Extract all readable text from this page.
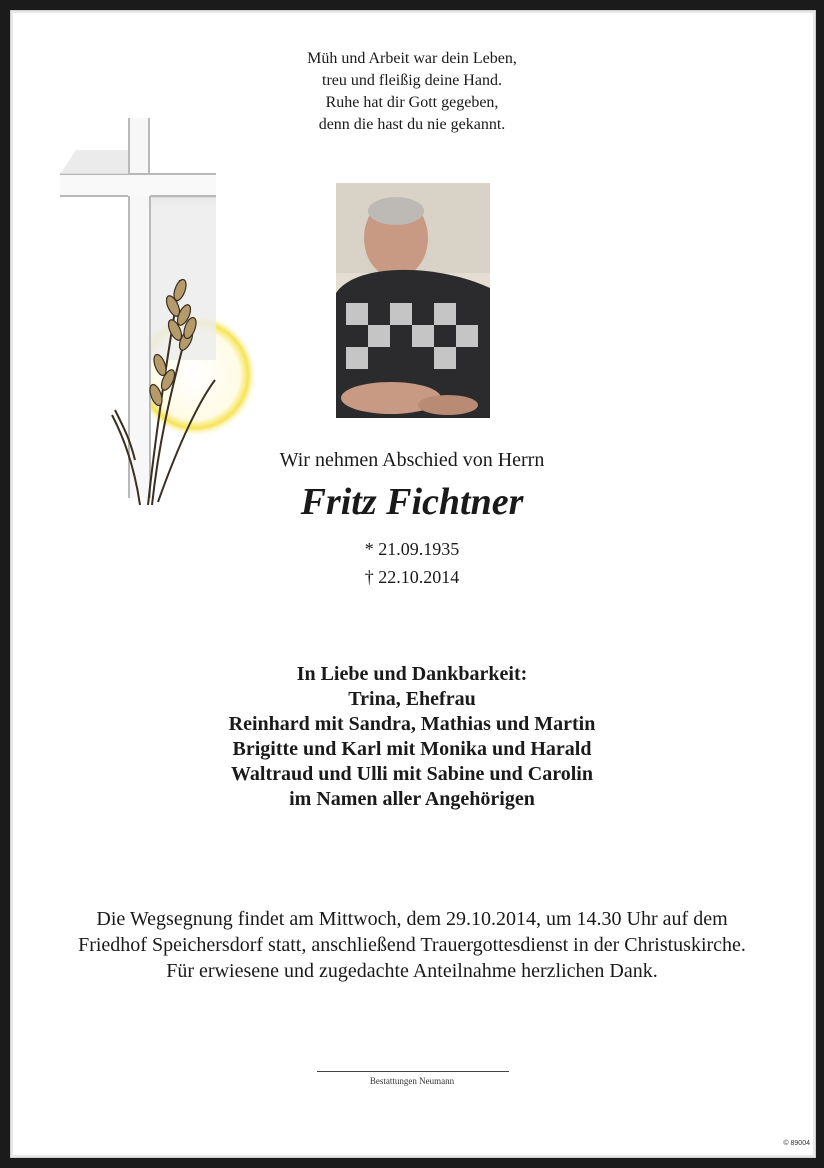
Müh und Arbeit war dein Leben,
treu und fleißig deine Hand.
Ruhe hat dir Gott gegeben,
denn die hast du nie gekannt.
Wir nehmen Abschied von Herrn
Fritz Fichtner
* 21.09.1935
† 22.10.2014
In Liebe und Dankbarkeit:
Trina, Ehefrau
Reinhard mit Sandra, Mathias und Martin
Brigitte und Karl mit Monika und Harald
Waltraud und Ulli mit Sabine und Carolin
im Namen aller Angehörigen
Die Wegsegnung findet am Mittwoch, dem 29.10.2014, um 14.30 Uhr auf dem Friedhof Speichersdorf statt, anschließend Trauergottesdienst in der Christuskirche. Für erwiesene und zugedachte Anteilnahme herzlichen Dank.
Bestattungen Neumann
© 89004
